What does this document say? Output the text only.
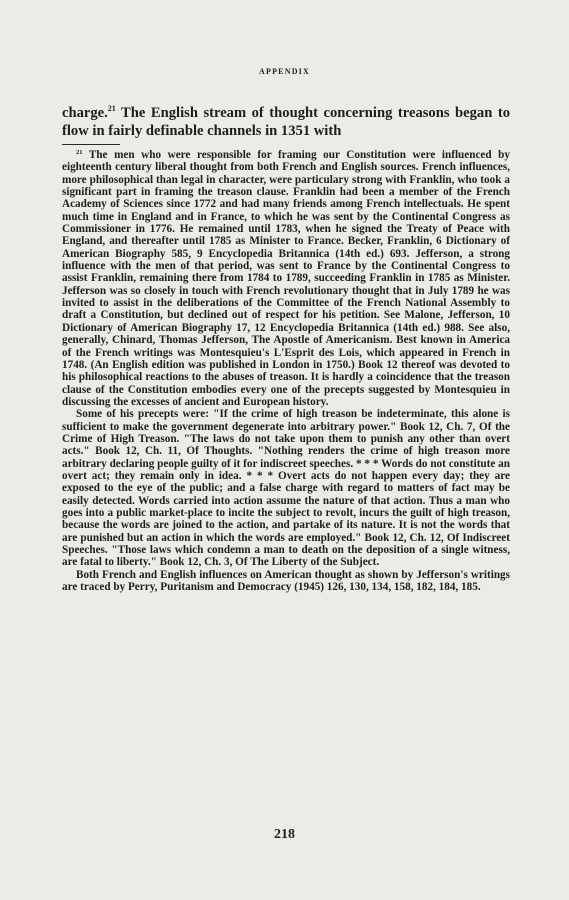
APPENDIX

charge.$^{21}$ The English stream of thought concerning treasons began to flow in fairly definable channels in 1351 with

$^{21}$ The men who were responsible for framing our Constitution were influenced by eighteenth century liberal thought from both French and English sources. French influences, more philosophical than legal in character, were particulary strong with Franklin, who took a significant part in framing the treason clause. Franklin had been a member of the French Academy of Sciences since 1772 and had many friends among French intellectuals. He spent much time in England and in France, to which he was sent by the Continental Congress as Commissioner in 1776. He remained until 1783, when he signed the Treaty of Peace with England, and thereafter until 1785 as Minister to France. Becker, Franklin, 6 Dictionary of American Biography 585, 9 Encyclopedia Britannica (14th ed.) 693. Jefferson, a strong influence with the men of that period, was sent to France by the Continental Congress to assist Franklin, remaining there from 1784 to 1789, succeeding Franklin in 1785 as Minister. Jefferson was so closely in touch with French revolutionary thought that in July 1789 he was invited to assist in the deliberations of the Committee of the French National Assembly to draft a Constitution, but declined out of respect for his petition. See Malone, Jefferson, 10 Dictionary of American Biography 17, 12 Encyclopedia Britannica (14th ed.) 988. See also, generally, Chinard, Thomas Jefferson, The Apostle of Americanism. Best known in America of the French writings was Montesquieu's L'Esprit des Lois, which appeared in French in 1748. (An English edition was published in London in 1750.) Book 12 thereof was devoted to his philosophical reactions to the abuses of treason. It is hardly a coincidence that the treason clause of the Constitution embodies every one of the precepts suggested by Montesquieu in discussing the excesses of ancient and European history.

Some of his precepts were: "If the crime of high treason be indeterminate, this alone is sufficient to make the government degenerate into arbitrary power." Book 12, Ch. 7, Of the Crime of High Treason. "The laws do not take upon them to punish any other than overt acts." Book 12, Ch. 11, Of Thoughts. "Nothing renders the crime of high treason more arbitrary declaring people guilty of it for indiscreet speeches. * * * Words do not constitute an overt act; they remain only in idea. * * * Overt acts do not happen every day; they are exposed to the eye of the public; and a false charge with regard to matters of fact may be easily detected. Words carried into action assume the nature of that action. Thus a man who goes into a public market-place to incite the subject to revolt, incurs the guilt of high treason, because the words are joined to the action, and partake of its nature. It is not the words that are punished but an action in which the words are employed." Book 12, Ch. 12, Of Indiscreet Speeches. "Those laws which condemn a man to death on the deposition of a single witness, are fatal to liberty." Book 12, Ch. 3, Of The Liberty of the Subject.

Both French and English influences on American thought as shown by Jefferson's writings are traced by Perry, Puritanism and Democracy (1945) 126, 130, 134, 158, 182, 184, 185.

218
